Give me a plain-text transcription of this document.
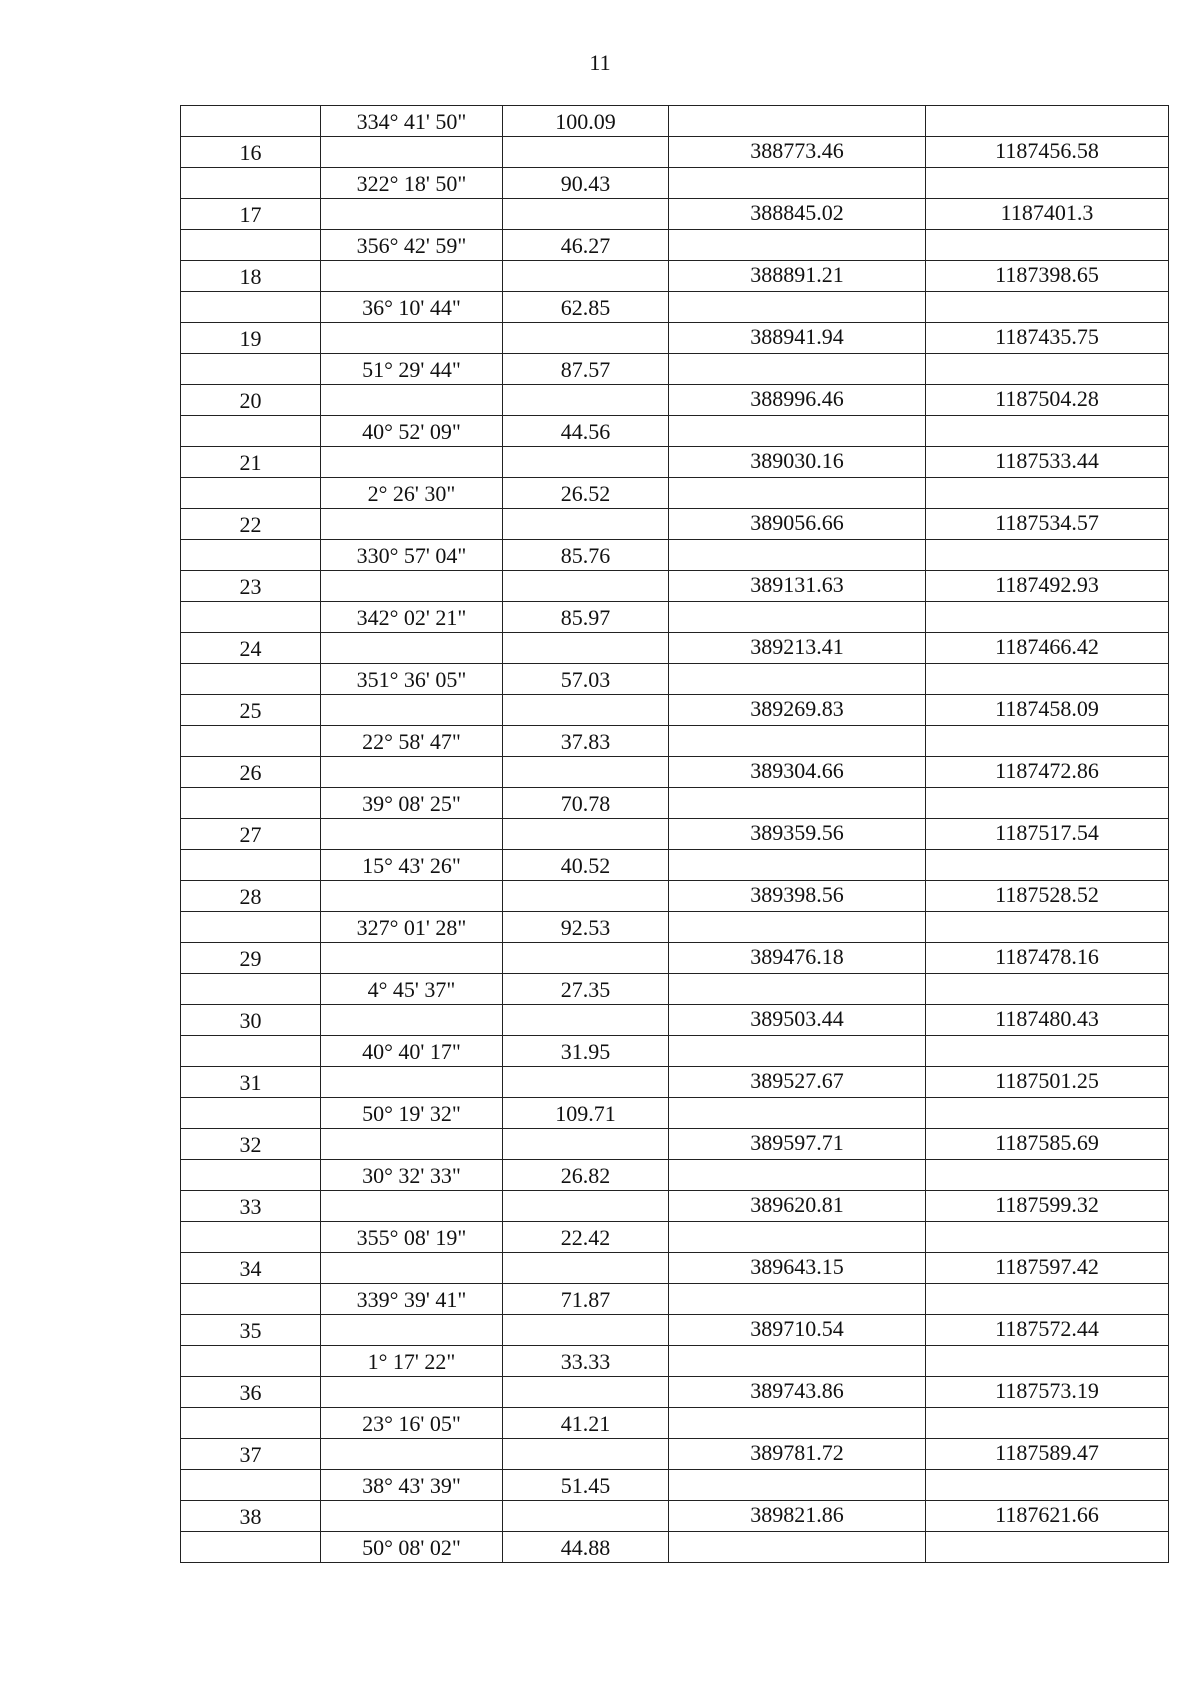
11
	334° 41' 50"	100.09		
16			388773.46	1187456.58
	322° 18' 50"	90.43		
17			388845.02	1187401.3
	356° 42' 59"	46.27		
18			388891.21	1187398.65
	36° 10' 44"	62.85		
19			388941.94	1187435.75
	51° 29' 44"	87.57		
20			388996.46	1187504.28
	40° 52' 09"	44.56		
21			389030.16	1187533.44
	2° 26' 30"	26.52		
22			389056.66	1187534.57
	330° 57' 04"	85.76		
23			389131.63	1187492.93
	342° 02' 21"	85.97		
24			389213.41	1187466.42
	351° 36' 05"	57.03		
25			389269.83	1187458.09
	22° 58' 47"	37.83		
26			389304.66	1187472.86
	39° 08' 25"	70.78		
27			389359.56	1187517.54
	15° 43' 26"	40.52		
28			389398.56	1187528.52
	327° 01' 28"	92.53		
29			389476.18	1187478.16
	4° 45' 37"	27.35		
30			389503.44	1187480.43
	40° 40' 17"	31.95		
31			389527.67	1187501.25
	50° 19' 32"	109.71		
32			389597.71	1187585.69
	30° 32' 33"	26.82		
33			389620.81	1187599.32
	355° 08' 19"	22.42		
34			389643.15	1187597.42
	339° 39' 41"	71.87		
35			389710.54	1187572.44
	1° 17' 22"	33.33		
36			389743.86	1187573.19
	23° 16' 05"	41.21		
37			389781.72	1187589.47
	38° 43' 39"	51.45		
38			389821.86	1187621.66
	50° 08' 02"	44.88		
